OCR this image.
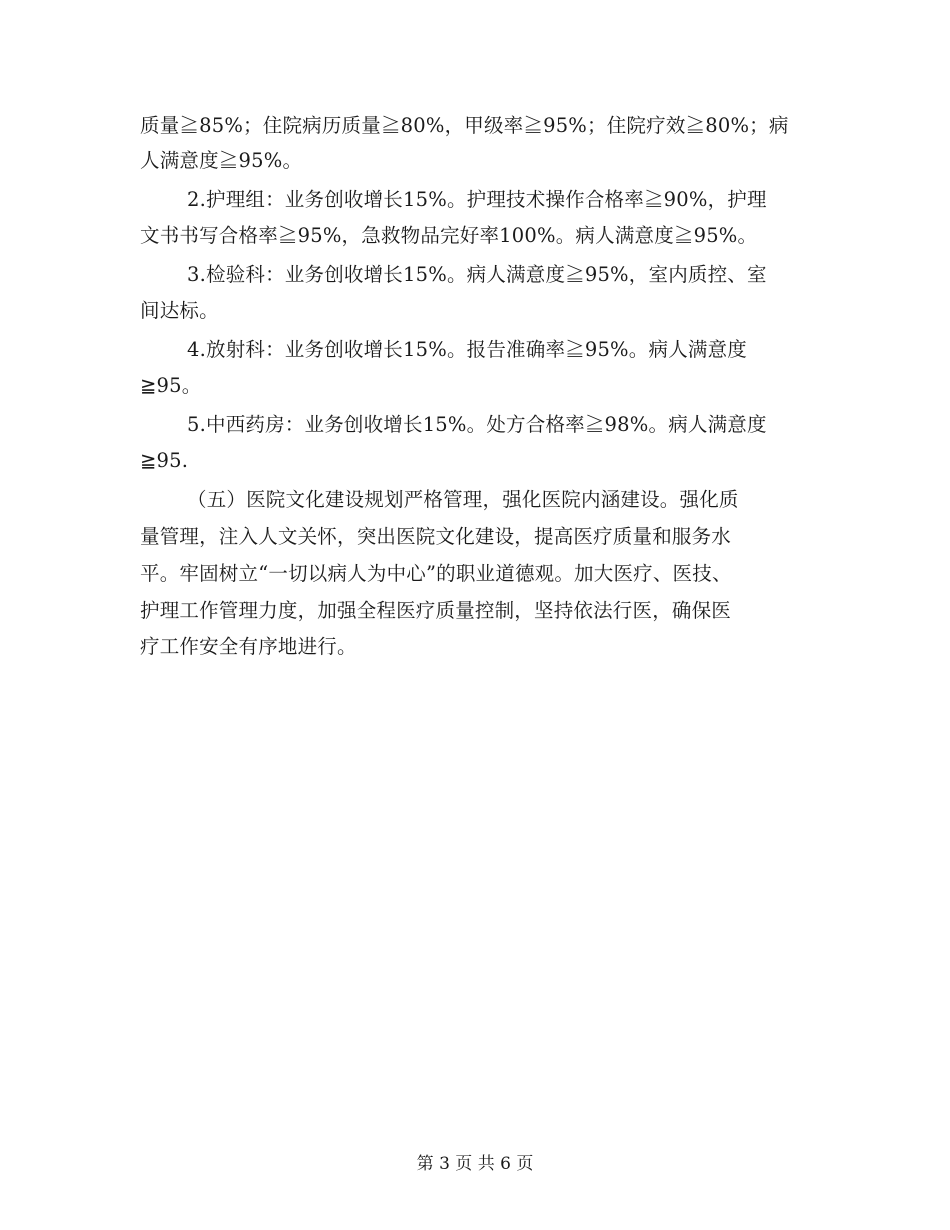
质量≧85%；住院病历质量≧80%，甲级率≧95%；住院疗效≧80%；病
人满意度≧95%。
2.护理组：业务创收增长15%。护理技术操作合格率≧90%，护理
文书书写合格率≧95%，急救物品完好率100%。病人满意度≧95%。
3.检验科：业务创收增长15%。病人满意度≧95%，室内质控、室
间达标。
4.放射科：业务创收增长15%。报告准确率≧95%。病人满意度
≧95。
5.中西药房：业务创收增长15%。处方合格率≧98%。病人满意度
≧95.
（五）医院文化建设规划严格管理，强化医院内涵建设。强化质
量管理，注入人文关怀，突出医院文化建设，提高医疗质量和服务水
平。牢固树立“一切以病人为中心”的职业道德观。加大医疗、医技、
护理工作管理力度，加强全程医疗质量控制，坚持依法行医，确保医
疗工作安全有序地进行。
第 3 页 共 6 页
